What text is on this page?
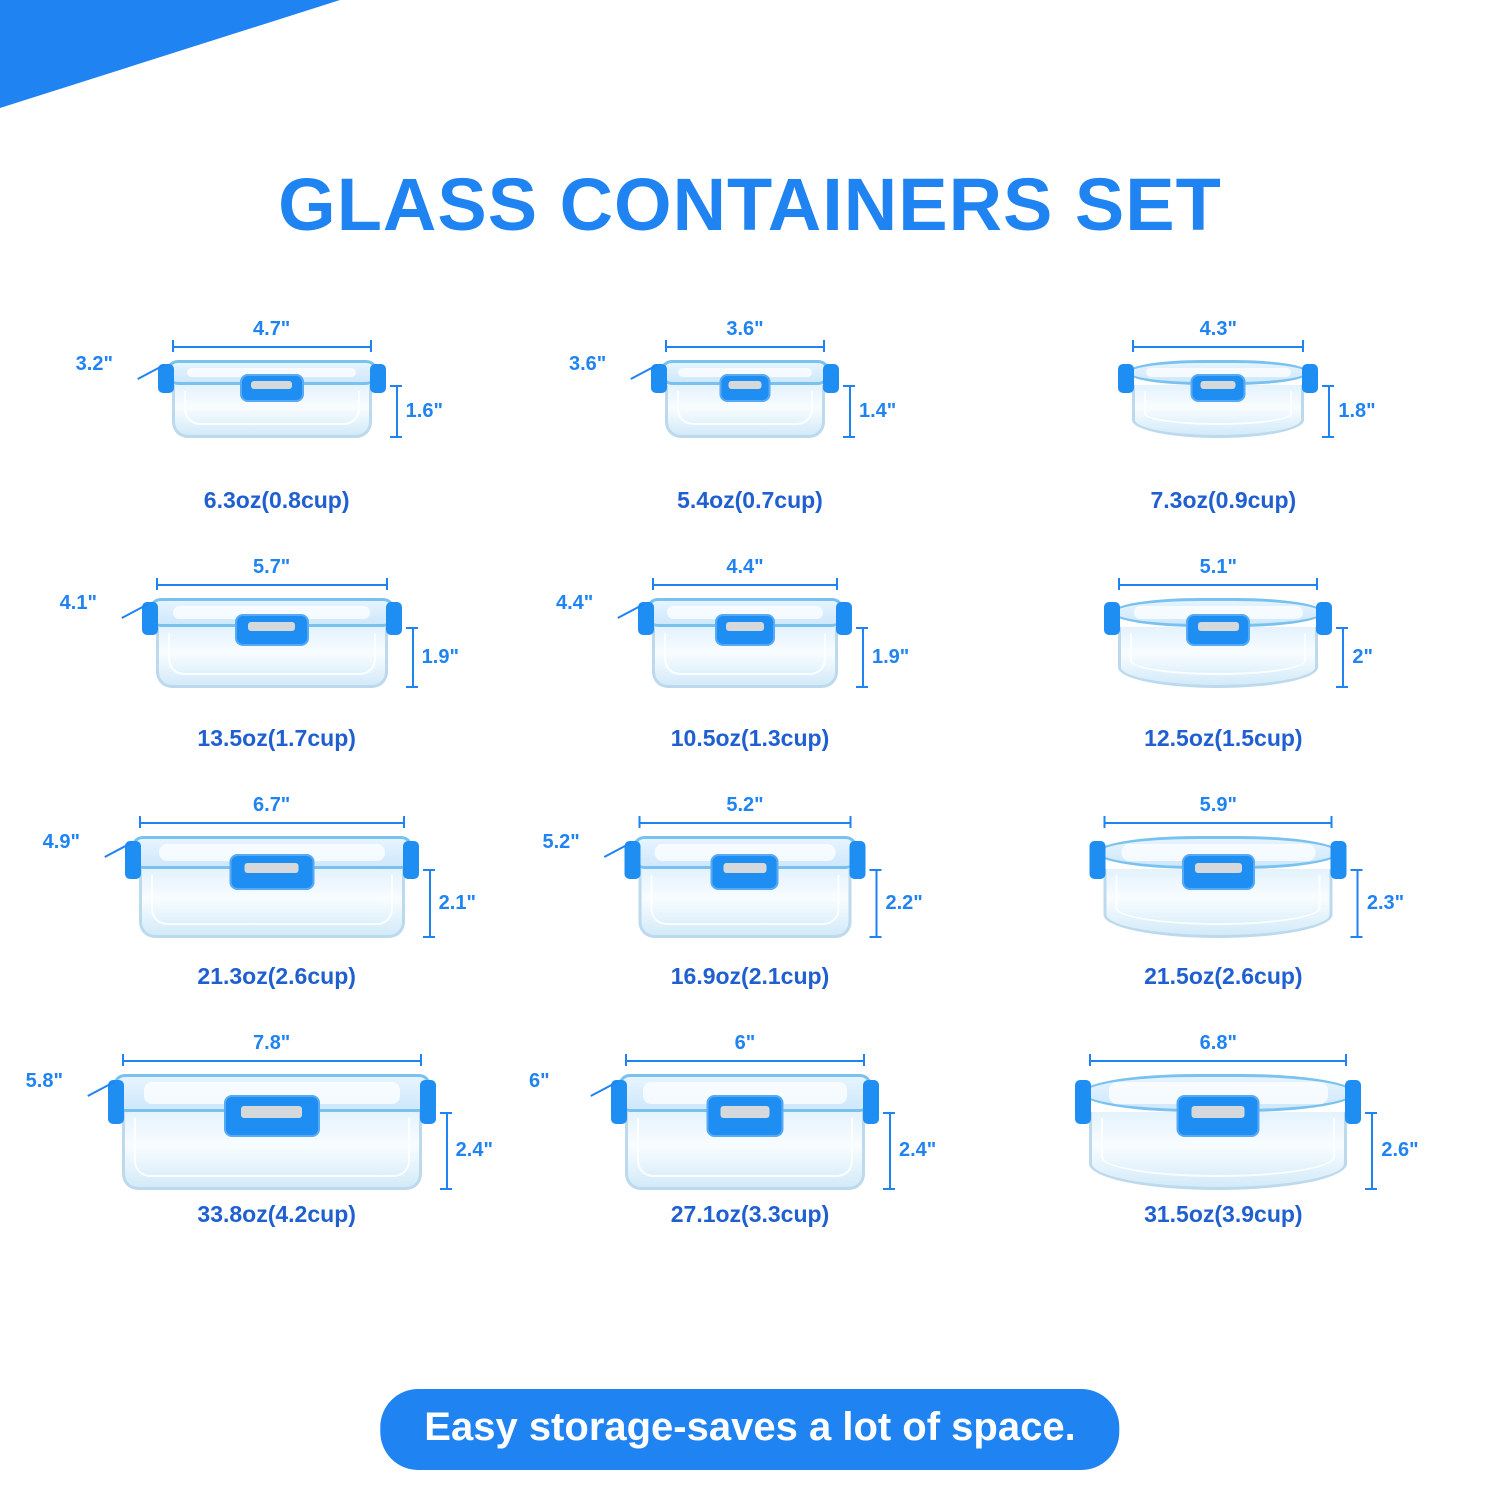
GLASS CONTAINERS SET
4.7"
1.6"
3.2"
6.3oz(0.8cup)
3.6"
1.4"
3.6"
5.4oz(0.7cup)
4.3"
1.8"
7.3oz(0.9cup)
5.7"
1.9"
4.1"
13.5oz(1.7cup)
4.4"
1.9"
4.4"
10.5oz(1.3cup)
5.1"
2"
12.5oz(1.5cup)
6.7"
2.1"
4.9"
21.3oz(2.6cup)
5.2"
2.2"
5.2"
16.9oz(2.1cup)
5.9"
2.3"
21.5oz(2.6cup)
7.8"
2.4"
5.8"
33.8oz(4.2cup)
6"
2.4"
6"
27.1oz(3.3cup)
6.8"
2.6"
31.5oz(3.9cup)
Easy storage-saves a lot of space.
